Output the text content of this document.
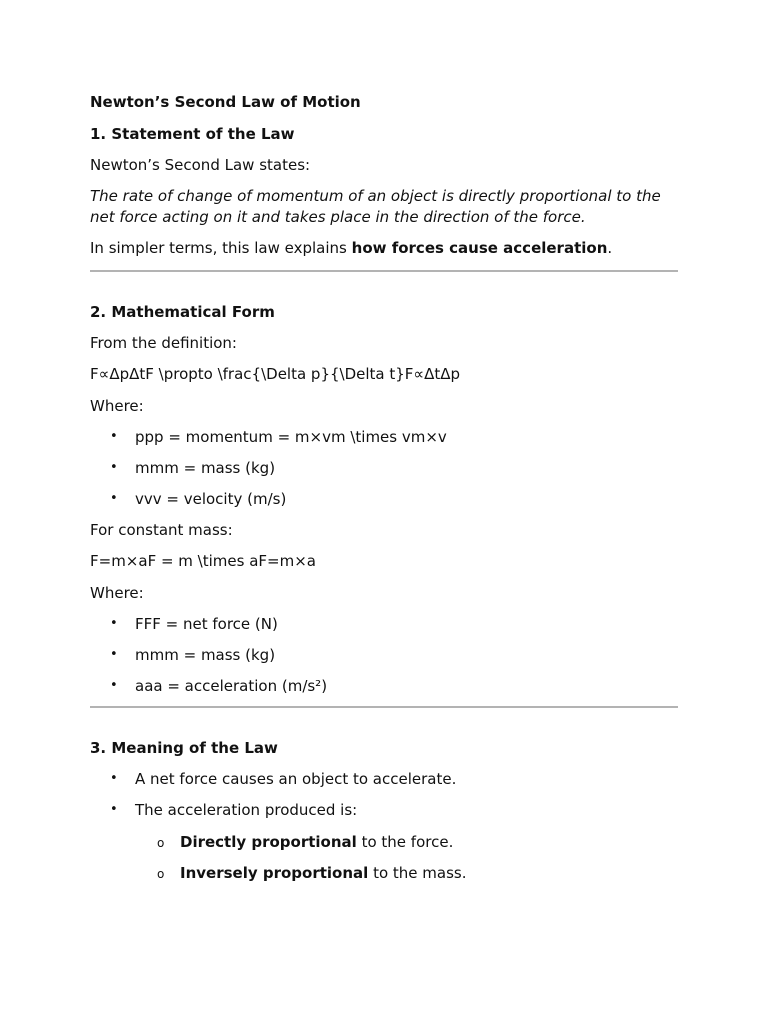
Newton’s Second Law of Motion
1. Statement of the Law

Newton’s Second Law states:

The rate of change of momentum of an object is directly proportional to the net force acting on it and takes place in the direction of the force.

In simpler terms, this law explains how forces cause acceleration.

2. Mathematical Form

From the definition:

F∝ΔpΔtF \propto \frac{\Delta p}{\Delta t}F∝ΔtΔp

Where:

• ppp = momentum = m×vm \times vm×v
• mmm = mass (kg)
• vvv = velocity (m/s)

For constant mass:

F=m×aF = m \times aF=m×a

Where:

• FFF = net force (N)
• mmm = mass (kg)
• aaa = acceleration (m/s²)
3. Meaning of the Law
• A net force causes an object to accelerate.
• The acceleration produced is:
o Directly proportional to the force.
o Inversely proportional to the mass.
